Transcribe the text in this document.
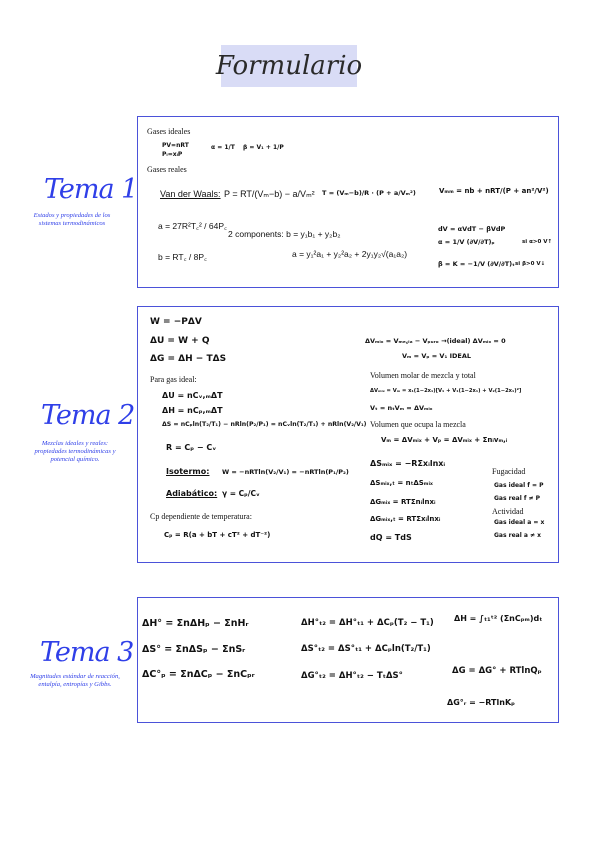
Formulario
Tema 1
Estados y propiedades de los sistemas termodinámicos
Tema 2
Mezclas ideales y reales: propiedades termodinámicas y potencial químico.
Tema 3
Magnitudes estándar de reacción, entalpía, entropías y Gibbs.
Gases ideales
PV=nRT
Pᵢ=xᵢP
α = 1/T β = V₁ + 1/P
Gases reales
Van der Waals: P = RT/(Vₘ−b) − a/Vₘ² T = (Vₘ−b)/R · (P + a/Vₘ²)	Vₘₘ = nb + nRT/(P + an²/V²)
a = 27R²T꜀² / 64P꜀
2 components: b = y₁b₁ + y₂b₂
b = RT꜀ / 8P꜀	a = y₁²a₁ + y₂²a₂ + 2y₁y₂√(a₁a₂)
dV = αVdT − βVdP
α = 1/V (∂V/∂T)ₚ	si α>0 V↑
β = K = −1/V (∂V/∂T)ₜ si β>0 V↓
W = −PΔV
ΔU = W + Q
ΔG = ΔH − TΔS
Para gas ideal:
ΔU = nCᵥ,ₘΔT
ΔH = nCₚ,ₘΔT
ΔS = nCₚln(T₂/T₁) − nRln(P₂/P₁) = nCᵥln(T₂/T₁) + nRln(V₂/V₁)
R = Cₚ − Cᵥ
Isotermo: W = −nRTln(V₂/V₁) = −nRTln(P₁/P₂)
Adiabático: γ = Cₚ/Cᵥ
Cp dependiente de temperatura:
Cₚ = R(a + bT + cT² + dT⁻²)
ΔVₘᵢₓ = Vₘₑ꜀ₗₐ − Vₚᵤᵣₒ →(ideal) ΔVₘᵢₓ = 0
Vₘ = Vₚ = V₁ IDEAL
Volumen molar de mezcla y total
ΔVₘᵢₓ = Vₘ = x₁(1−2x₁)[V₁ + V₁(1−2x₁) + V₂(1−2x₁)²]
Vₜ = nₜVₘ = ΔVₘᵢₓ
Volumen que ocupa la mezcla
Vₘ = ΔVₘᵢₓ + Vₚ = ΔVₘᵢₓ + Σnᵢvₘ,ᵢ
ΔSₘᵢₓ = −RΣxᵢlnxᵢ
ΔSₘᵢₓ,ₜ = nₜΔSₘᵢₓ
ΔGₘᵢₓ = RTΣnᵢlnxᵢ
ΔGₘᵢₓ,ₜ = RTΣxᵢlnxᵢ
dQ = TdS
Fugacidad
Gas ideal f = P
Gas real f ≠ P
Actividad
Gas ideal a = x
Gas real a ≠ x
ΔH° = ΣnΔHₚ − ΣnHᵣ
ΔS° = ΣnΔSₚ − ΣnSᵣ
ΔC°ₚ = ΣnΔCₚ − ΣnCₚᵣ
ΔH°ₜ₂ = ΔH°ₜ₁ + ΔCₚ(T₂ − T₁)
ΔS°ₜ₂ = ΔS°ₜ₁ + ΔCₚln(T₂/T₁)
ΔG°ₜ₂ = ΔH°ₜ₂ − TₜΔS°
ΔH = ∫ₜ₁ᵗ² (ΣnCₚₘ)dₜ
ΔG = ΔG° + RTlnQₚ
ΔG°ᵣ = −RTlnKₚ
